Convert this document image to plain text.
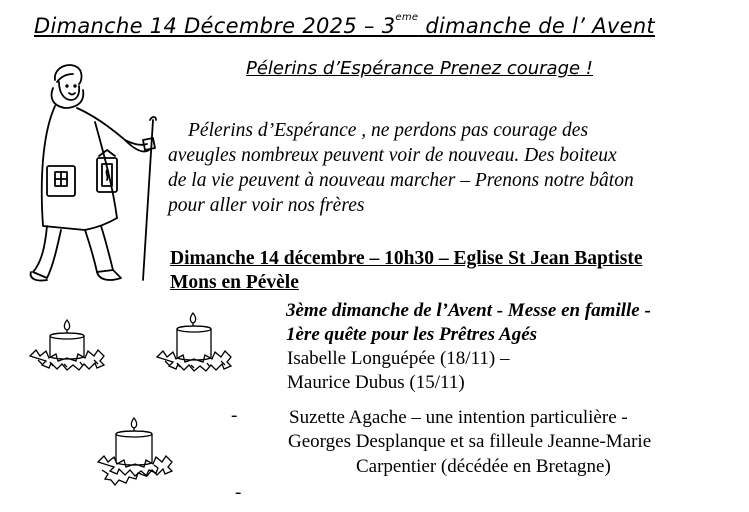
Dimanche 14 Décembre 2025 – 3eme dimanche de l’ Avent
Pélerins d’Espérance Prenez courage !
Pélerins d’Espérance , ne perdons pas courage des
aveugles nombreux peuvent voir de nouveau. Des boiteux
de la vie peuvent à nouveau marcher – Prenons notre bâton
pour aller voir nos frères
Dimanche 14 décembre – 10h30 – Eglise St Jean Baptiste
Mons en Pévèle
3ème dimanche de l’Avent - Messe en famille -
1ère quête pour les Prêtres Agés
Isabelle Longuépée (18/11) –
Maurice Dubus (15/11)
Suzette Agache – une intention particulière -
Georges Desplanque et sa filleule Jeanne-Marie
Carpentier (décédée en Bretagne)
-
-
